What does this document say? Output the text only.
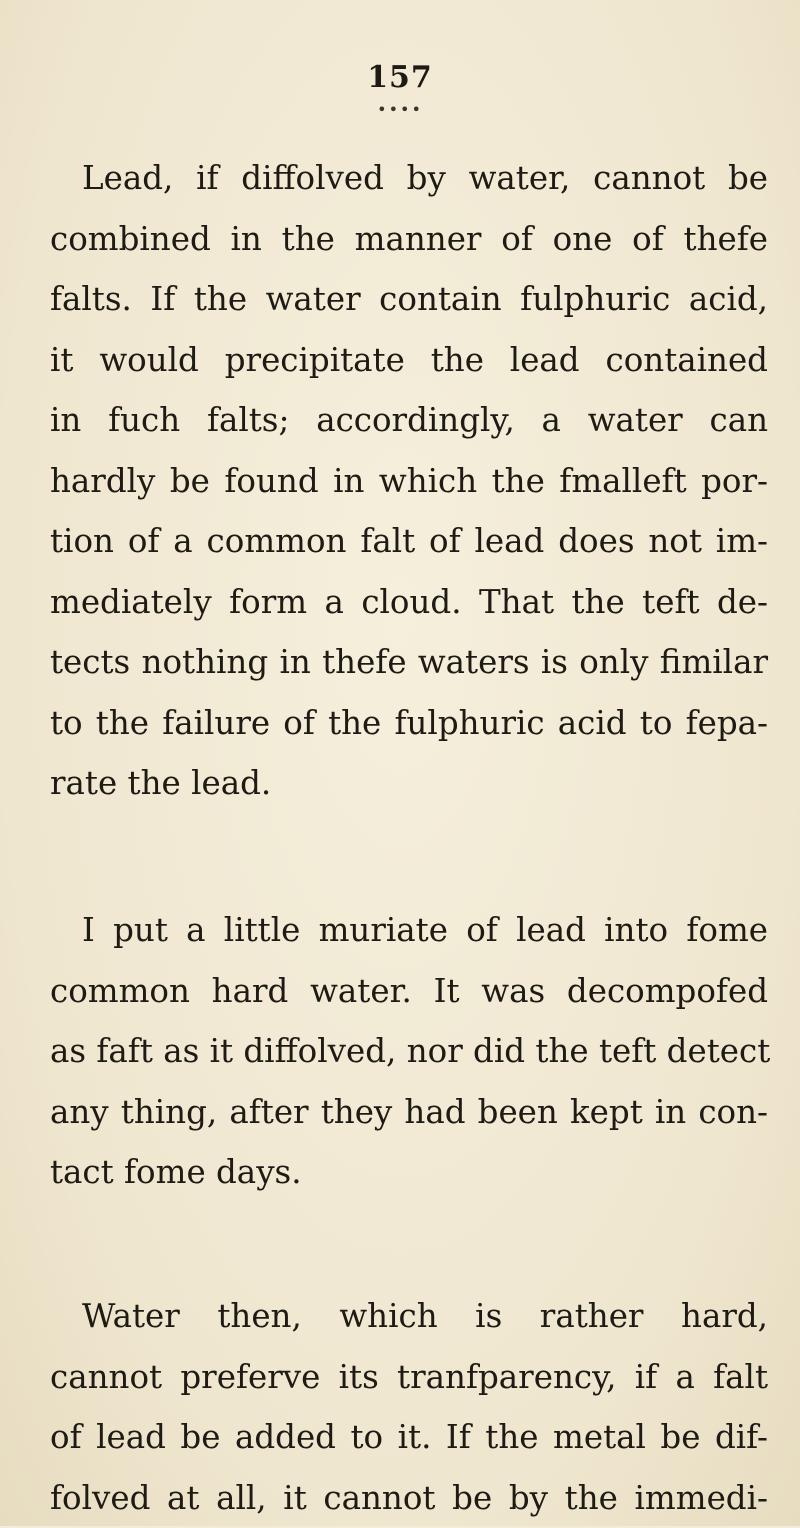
157
••••
Lead, if diffolved by water, cannot be
combined in the manner of one of thefe
falts. If the water contain fulphuric acid,
it would precipitate the lead contained
in fuch falts; accordingly, a water can
hardly be found in which the fmalleft por-
tion of a common falt of lead does not im-
mediately form a cloud. That the teft de-
tects nothing in thefe waters is only fimilar
to the failure of the fulphuric acid to fepa-
rate the lead.
I put a little muriate of lead into fome
common hard water. It was decompofed
as faft as it diffolved, nor did the teft detect
any thing, after they had been kept in con-
tact fome days.
Water then, which is rather hard,
cannot preferve its tranfparency, if a falt
of lead be added to it. If the metal be dif-
folved at all, it cannot be by the immedi-
